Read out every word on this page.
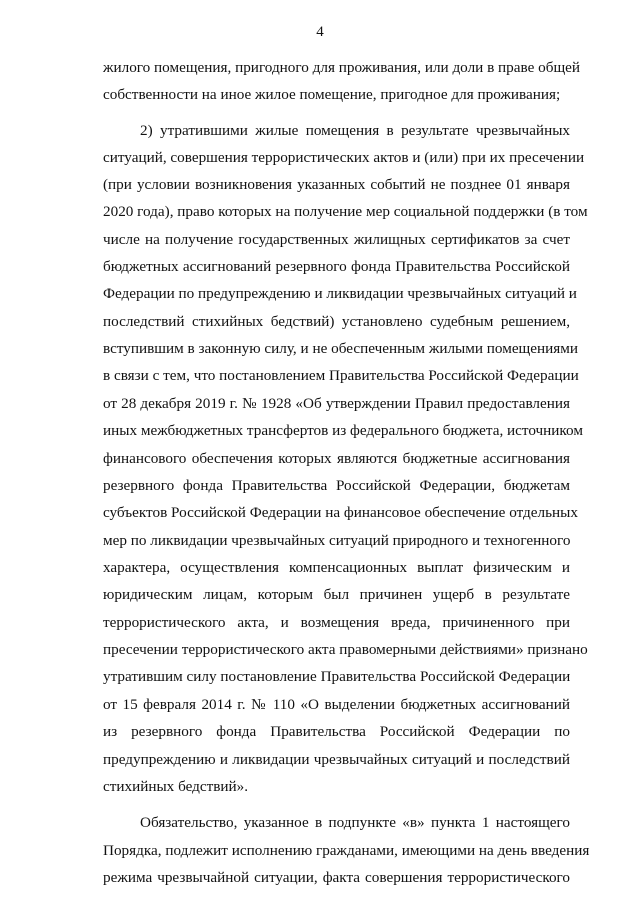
4
жилого помещения, пригодного для проживания, или доли в праве общей
собственности на иное жилое помещение, пригодное для проживания;
2) утратившими жилые помещения в результате чрезвычайных
ситуаций, совершения террористических актов и (или) при их пресечении
(при условии возникновения указанных событий не позднее 01 января
2020 года), право которых на получение мер социальной поддержки (в том
числе на получение государственных жилищных сертификатов за счет
бюджетных ассигнований резервного фонда Правительства Российской
Федерации по предупреждению и ликвидации чрезвычайных ситуаций и
последствий стихийных бедствий) установлено судебным решением,
вступившим в законную силу, и не обеспеченным жилыми помещениями
в связи с тем, что постановлением Правительства Российской Федерации
от 28 декабря 2019 г. № 1928 «Об утверждении Правил предоставления
иных межбюджетных трансфертов из федерального бюджета, источником
финансового обеспечения которых являются бюджетные ассигнования
резервного фонда Правительства Российской Федерации, бюджетам
субъектов Российской Федерации на финансовое обеспечение отдельных
мер по ликвидации чрезвычайных ситуаций природного и техногенного
характера, осуществления компенсационных выплат физическим и
юридическим лицам, которым был причинен ущерб в результате
террористического акта, и возмещения вреда, причиненного при
пресечении террористического акта правомерными действиями» признано
утратившим силу постановление Правительства Российской Федерации
от 15 февраля 2014 г. № 110 «О выделении бюджетных ассигнований
из резервного фонда Правительства Российской Федерации по
предупреждению и ликвидации чрезвычайных ситуаций и последствий
стихийных бедствий».
Обязательство, указанное в подпункте «в» пункта 1 настоящего
Порядка, подлежит исполнению гражданами, имеющими на день введения
режима чрезвычайной ситуации, факта совершения террористического
